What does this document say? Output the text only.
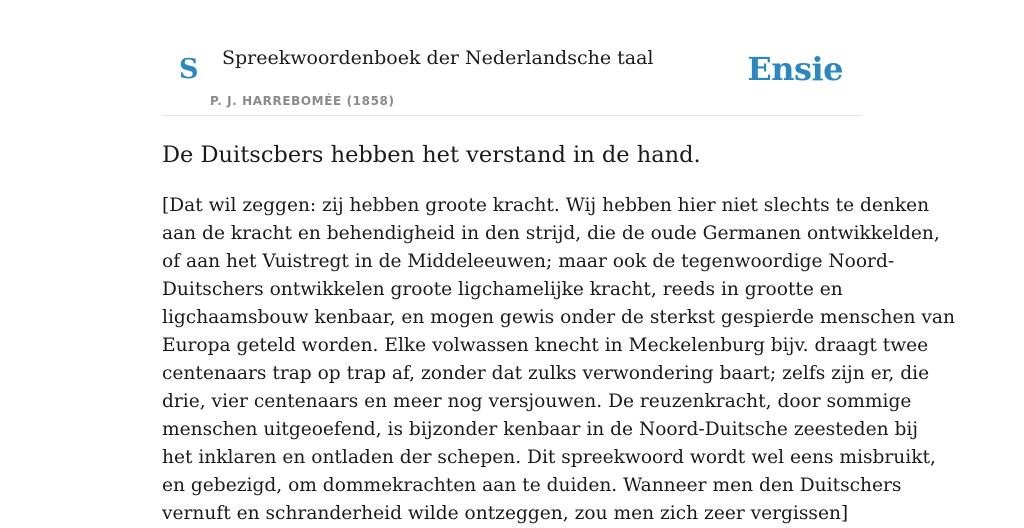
S Spreekwoordenboek der Nederlandsche taal
P. J. HARREBOMÉE (1858)
Ensie
De Duitscbers hebben het verstand in de hand.

[Dat wil zeggen: zij hebben groote kracht. Wij hebben hier niet slechts te denken
aan de kracht en behendigheid in den strijd, die de oude Germanen ontwikkelden,
of aan het Vuistregt in de Middeleeuwen; maar ook de tegenwoordige Noord-
Duitschers ontwikkelen groote ligchamelijke kracht, reeds in grootte en
ligchaamsbouw kenbaar, en mogen gewis onder de sterkst gespierde menschen van
Europa geteld worden. Elke volwassen knecht in Meckelenburg bijv. draagt twee
centenaars trap op trap af, zonder dat zulks verwondering baart; zelfs zijn er, die
drie, vier centenaars en meer nog versjouwen. De reuzenkracht, door sommige
menschen uitgeoefend, is bijzonder kenbaar in de Noord-Duitsche zeesteden bij
het inklaren en ontladen der schepen. Dit spreekwoord wordt wel eens misbruikt,
en gebezigd, om dommekrachten aan te duiden. Wanneer men den Duitschers
vernuft en schranderheid wilde ontzeggen, zou men zich zeer vergissen]
